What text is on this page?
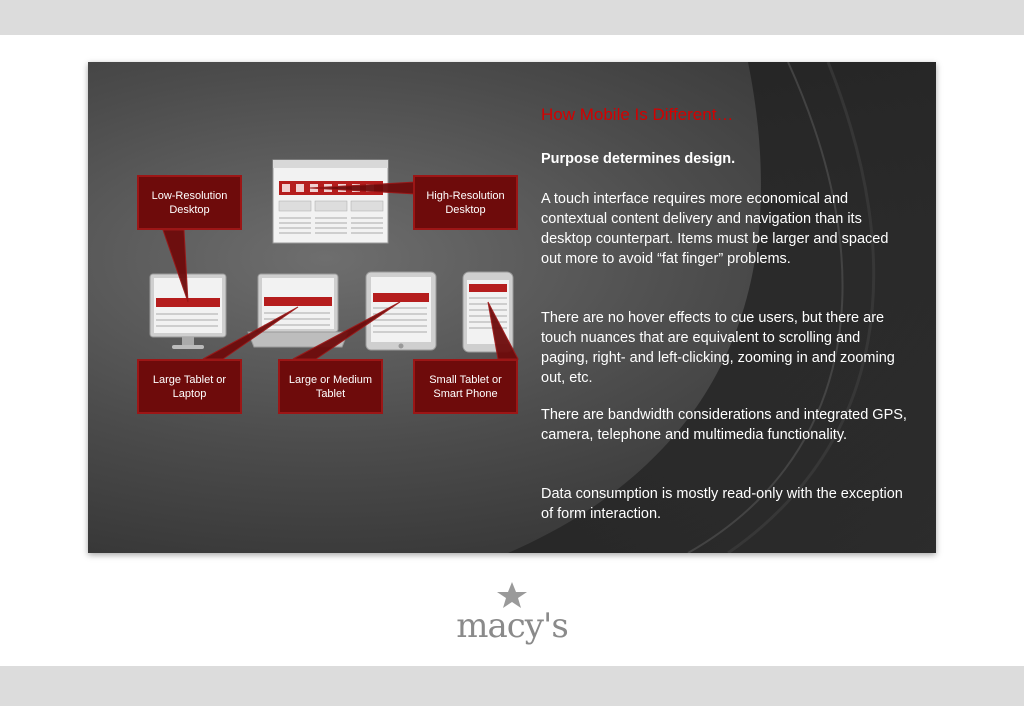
Low-Resolution Desktop
High-Resolution Desktop
Large Tablet or Laptop
Large or Medium Tablet
Small Tablet or Smart Phone
How Mobile Is Different…

Purpose determines design.

A touch interface requires more economical and contextual content delivery and navigation than its desktop counterpart. Items must be larger and spaced out more to avoid “fat finger” problems.

There are no hover effects to cue users, but there are touch nuances that are equivalent to scrolling and paging, right- and left-clicking, zooming in and zooming out, etc.

There are bandwidth considerations and integrated GPS, camera, telephone and multimedia functionality.

Data consumption is mostly read-only with the exception of form interaction.

macy's
